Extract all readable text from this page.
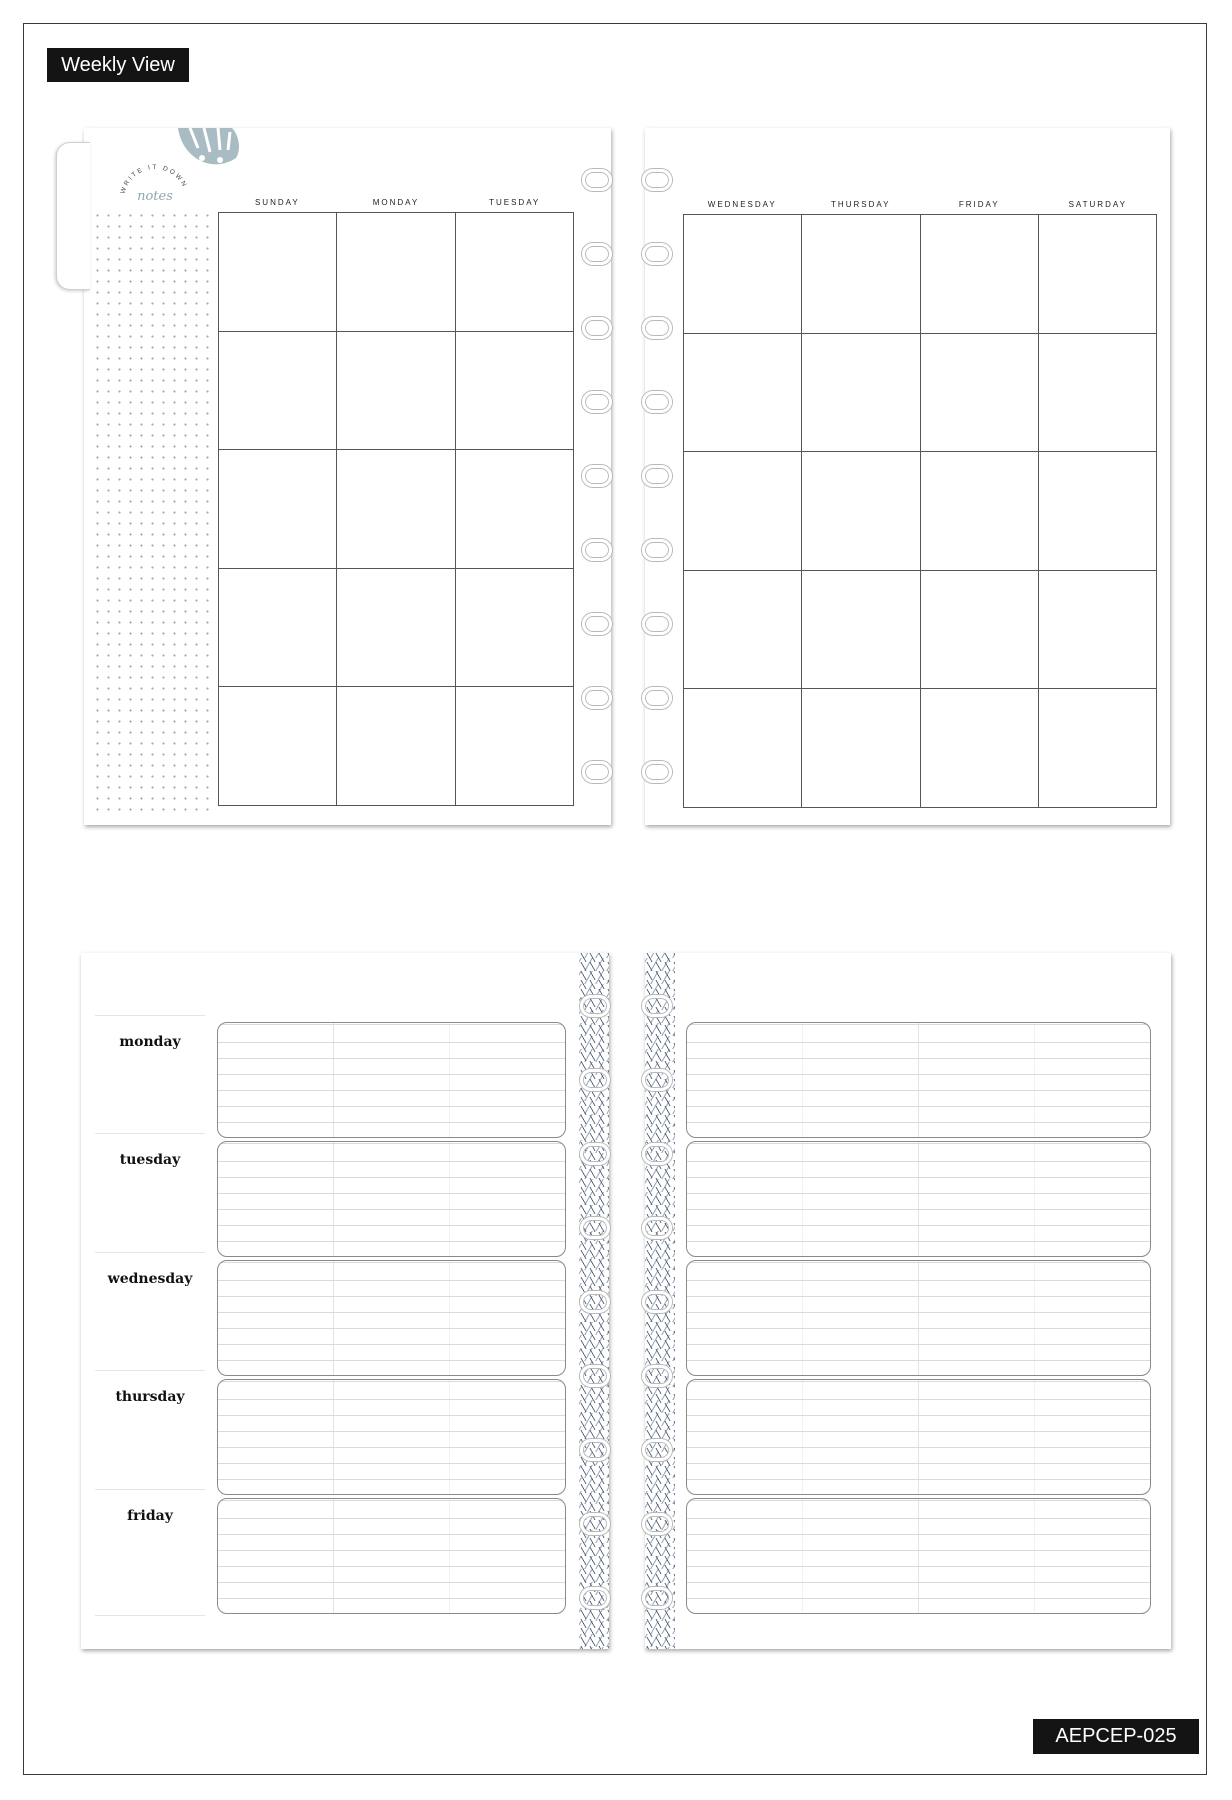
Weekly View
WRITE IT DOWN
notes	SUNDAY	MONDAY	TUESDAY	WEDNESDAY	THURSDAY	FRIDAY	SATURDAY
monday
tuesday
wednesday
thursday
friday
AEPCEP-025
